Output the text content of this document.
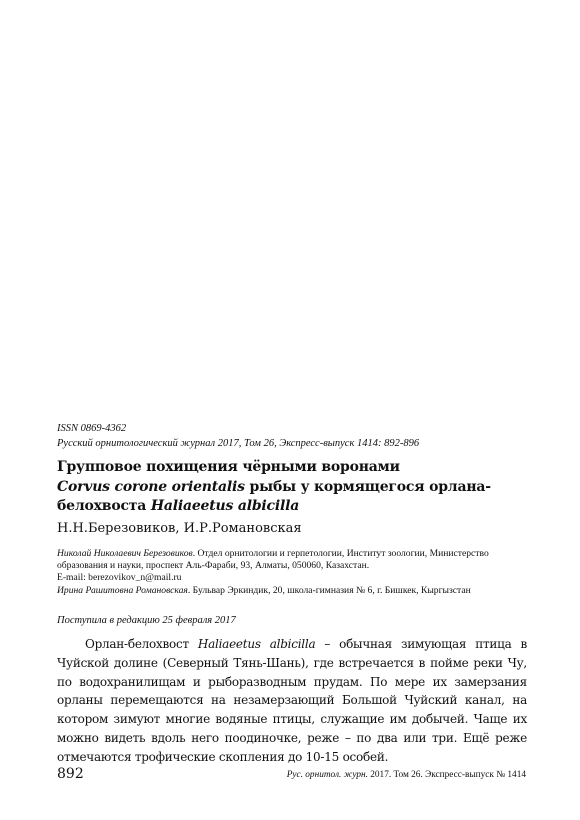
ISSN 0869-4362
Русский орнитологический журнал 2017, Том 26, Экспресс-выпуск 1414: 892-896
Групповое похищения чёрными воронами
Corvus corone orientalis рыбы у кормящегося орлана-белохвоста Haliaeetus albicilla
Н.Н.Березовиков, И.Р.Романовская
Николай Николаевич Березовиков. Отдел орнитологии и герпетологии, Институт зоологии, Министерство образования и науки, проспект Аль-Фараби, 93, Алматы, 050060, Казахстан.
E-mail: berezovikov_n@mail.ru
Ирина Рашитовна Романовская. Бульвар Эркиндик, 20, школа-гимназия № 6, г. Бишкек, Кыргызстан
Поступила в редакцию 25 февраля 2017

Орлан-белохвост Haliaeetus albicilla – обычная зимующая птица в Чуйской долине (Северный Тянь-Шань), где встречается в пойме реки Чу, по водохранилищам и рыборазводным прудам. По мере их замерзания орланы перемещаются на незамерзающий Большой Чуйский канал, на котором зимуют многие водяные птицы, служащие им добычей. Чаще их можно видеть вдоль него поодиночке, реже – по два или три. Ещё реже отмечаются трофические скопления до 10-15 особей.

892	Рус. орнитол. журн. 2017. Том 26. Экспресс-выпуск № 1414
